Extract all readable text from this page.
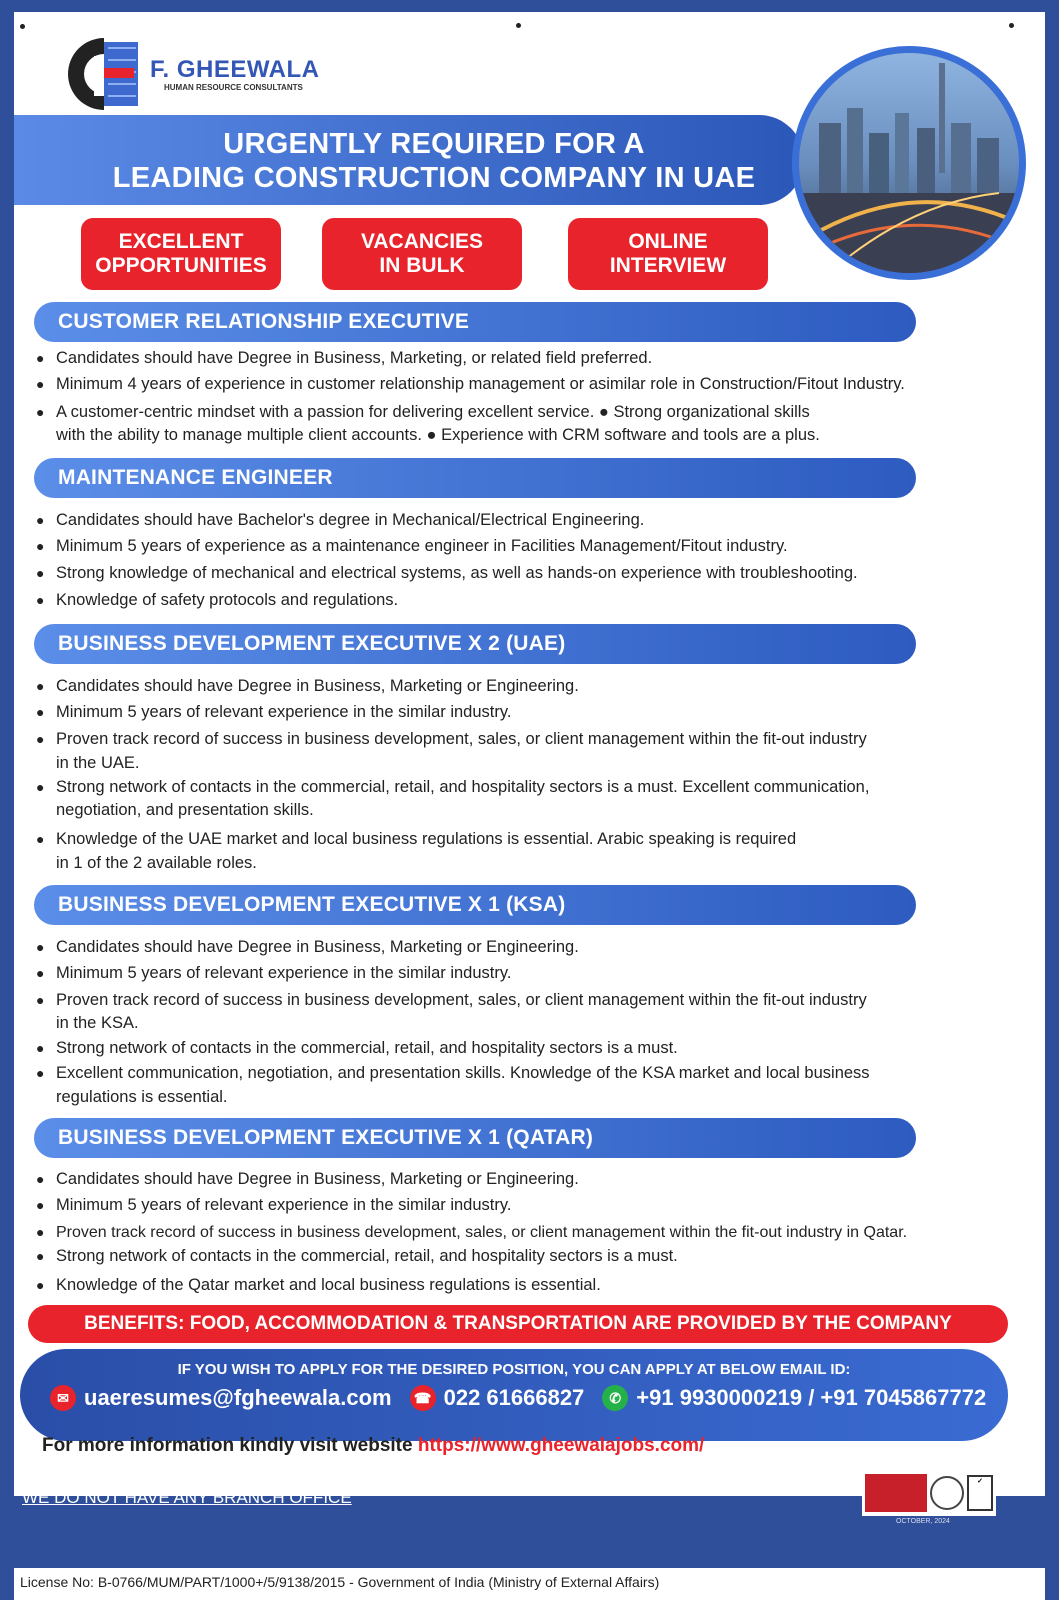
F. GHEEWALA
HUMAN RESOURCE CONSULTANTS
URGENTLY REQUIRED FOR A
LEADING CONSTRUCTION COMPANY IN UAE
EXCELLENT
OPPORTUNITIES
VACANCIES
IN BULK
ONLINE
INTERVIEW
CUSTOMER RELATIONSHIP EXECUTIVE
● Candidates should have Degree in Business, Marketing, or related field preferred.
● Minimum 4 years of experience in customer relationship management or asimilar role in Construction/Fitout Industry.
● A customer-centric mindset with a passion for delivering excellent service. ● Strong organizational skills
with the ability to manage multiple client accounts. ● Experience with CRM software and tools are a plus.
MAINTENANCE ENGINEER
● Candidates should have Bachelor's degree in Mechanical/Electrical Engineering.
● Minimum 5 years of experience as a maintenance engineer in Facilities Management/Fitout industry.
● Strong knowledge of mechanical and electrical systems, as well as hands-on experience with troubleshooting.
● Knowledge of safety protocols and regulations.
BUSINESS DEVELOPMENT EXECUTIVE X 2 (UAE)
● Candidates should have Degree in Business, Marketing or Engineering.
● Minimum 5 years of relevant experience in the similar industry.
● Proven track record of success in business development, sales, or client management within the fit-out industry
in the UAE.
● Strong network of contacts in the commercial, retail, and hospitality sectors is a must. Excellent communication,
negotiation, and presentation skills.
● Knowledge of the UAE market and local business regulations is essential. Arabic speaking is required
in 1 of the 2 available roles.
BUSINESS DEVELOPMENT EXECUTIVE X 1 (KSA)
● Candidates should have Degree in Business, Marketing or Engineering.
● Minimum 5 years of relevant experience in the similar industry.
● Proven track record of success in business development, sales, or client management within the fit-out industry
in the KSA.
● Strong network of contacts in the commercial, retail, and hospitality sectors is a must.
● Excellent communication, negotiation, and presentation skills. Knowledge of the KSA market and local business
regulations is essential.
BUSINESS DEVELOPMENT EXECUTIVE X 1 (QATAR)
● Candidates should have Degree in Business, Marketing or Engineering.
● Minimum 5 years of relevant experience in the similar industry.
● Proven track record of success in business development, sales, or client management within the fit-out industry in Qatar.
● Strong network of contacts in the commercial, retail, and hospitality sectors is a must.
● Knowledge of the Qatar market and local business regulations is essential.
BENEFITS: FOOD, ACCOMMODATION & TRANSPORTATION ARE PROVIDED BY THE COMPANY
IF YOU WISH TO APPLY FOR THE DESIRED POSITION, YOU CAN APPLY AT BELOW EMAIL ID:
✉ uaeresumes@fgheewala.com	☎ 022 61666827	✆ +91 9930000219 / +91 7045867772
For more information kindly visit website https://www.gheewalajobs.com/
WE DO NOT HAVE ANY BRANCH OFFICE
✓
OCTOBER, 2024
License No: B-0766/MUM/PART/1000+/5/9138/2015 - Government of India (Ministry of External Affairs)
